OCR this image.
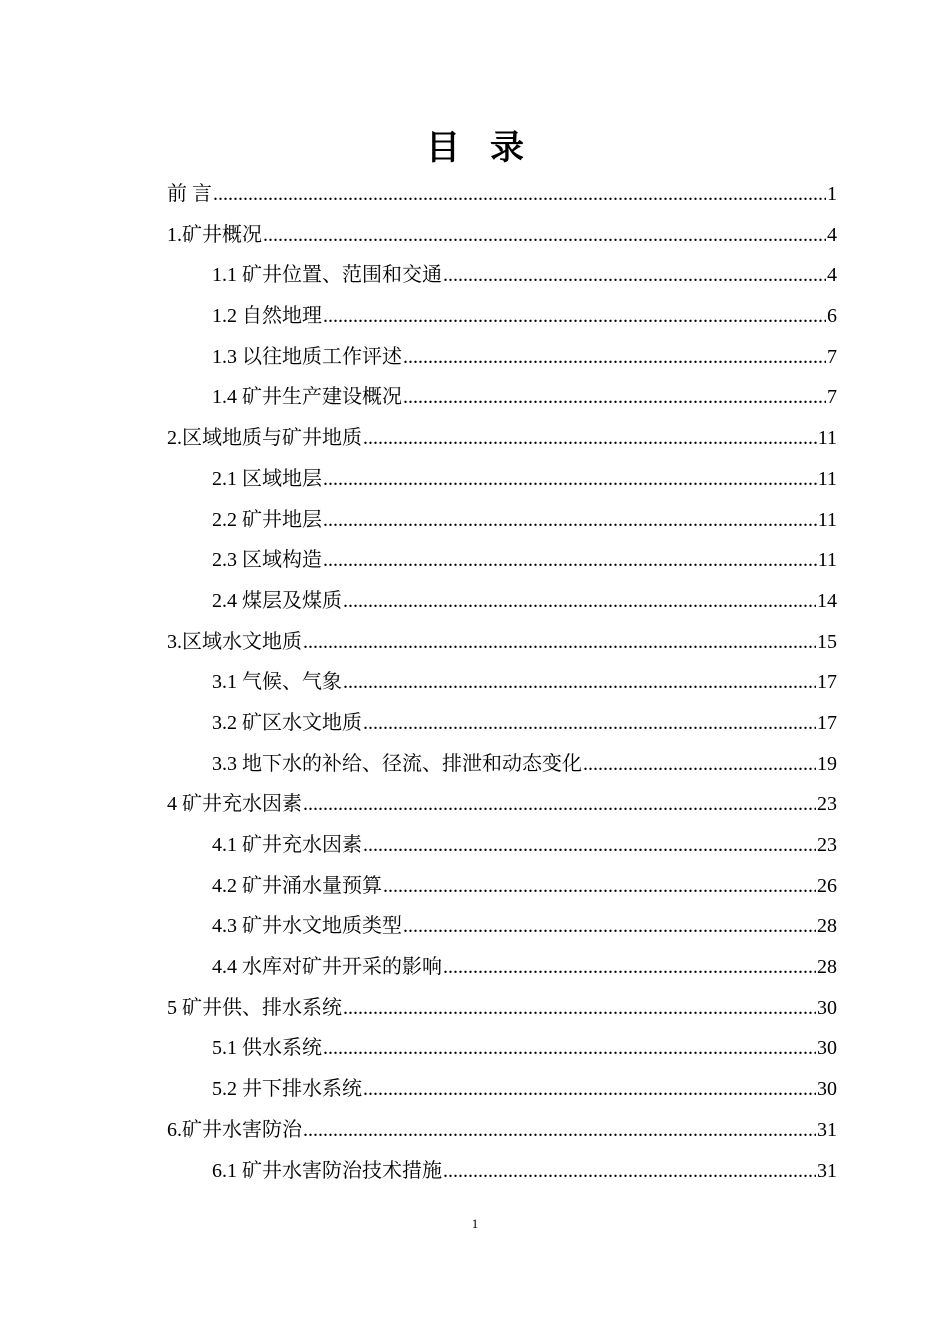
目录
前 言 .....	1
1.矿井概况 .....	4
1.1 矿井位置、范围和交通 .....	4
1.2 自然地理 .....	6
1.3 以往地质工作评述 .....	7
1.4 矿井生产建设概况 .....	7
2.区域地质与矿井地质 .....	11
2.1 区域地层 .....	11
2.2 矿井地层 .....	11
2.3 区域构造 .....	11
2.4 煤层及煤质 .....	14
3.区域水文地质 .....	15
3.1 气候、气象 .....	17
3.2 矿区水文地质 .....	17
3.3 地下水的补给、径流、排泄和动态变化 .....	19
4 矿井充水因素 .....	23
4.1 矿井充水因素 .....	23
4.2 矿井涌水量预算 .....	26
4.3 矿井水文地质类型 .....	28
4.4 水库对矿井开采的影响 .....	28
5 矿井供、排水系统 .....	30
5.1 供水系统 .....	30
5.2 井下排水系统 .....	30
6.矿井水害防治 .....	31
6.1 矿井水害防治技术措施 .....	31
1
